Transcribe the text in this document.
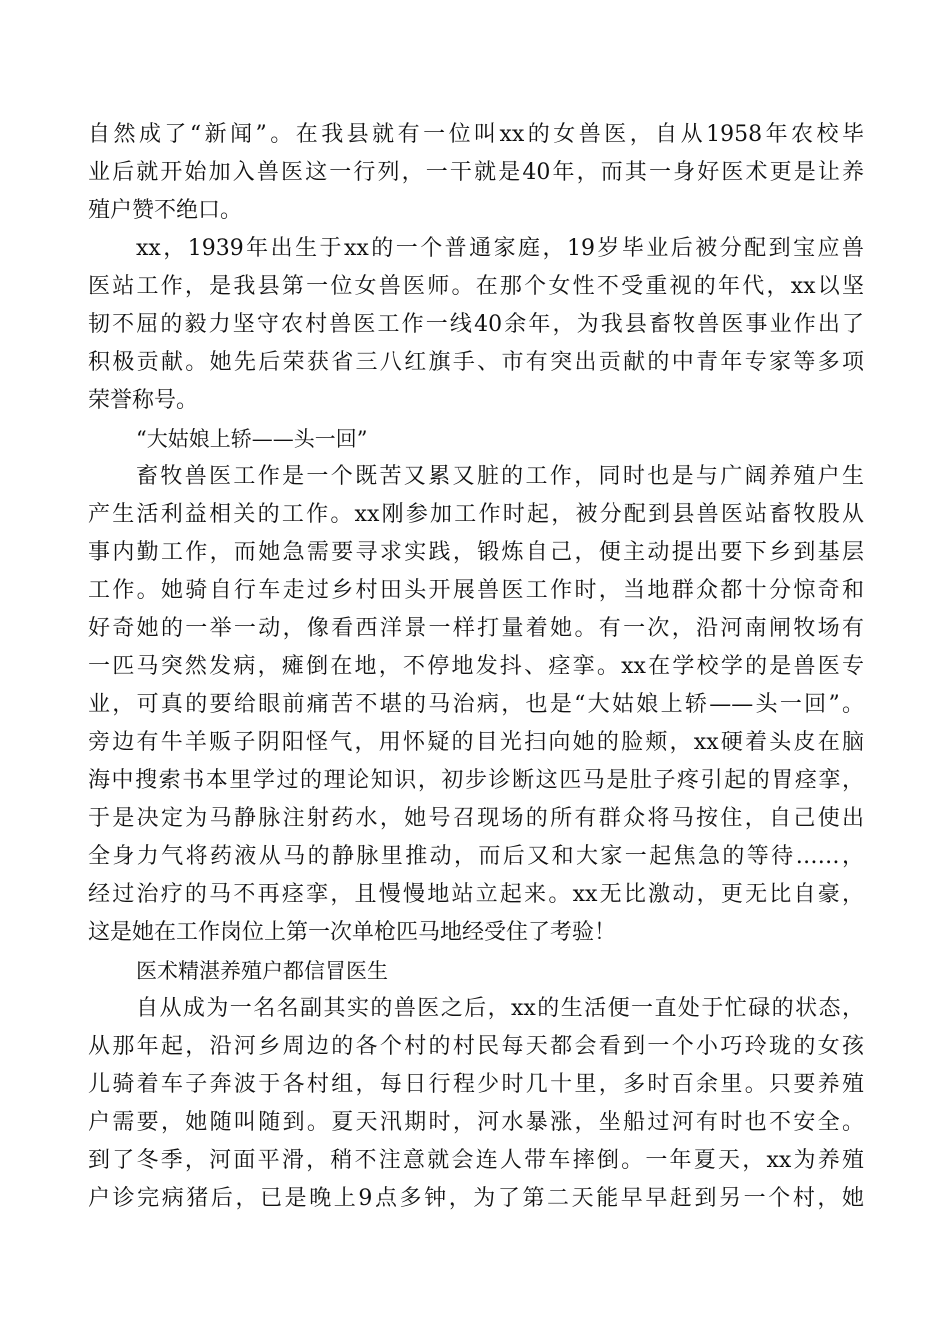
自然成了“新闻”。在我县就有一位叫xx的女兽医，自从1958年农校毕
业后就开始加入兽医这一行列，一干就是40年，而其一身好医术更是让养
殖户赞不绝口。
xx，1939年出生于xx的一个普通家庭，19岁毕业后被分配到宝应兽
医站工作，是我县第一位女兽医师。在那个女性不受重视的年代，xx以坚
韧不屈的毅力坚守农村兽医工作一线40余年，为我县畜牧兽医事业作出了
积极贡献。她先后荣获省三八红旗手、市有突出贡献的中青年专家等多项
荣誉称号。
“大姑娘上轿——头一回”
畜牧兽医工作是一个既苦又累又脏的工作，同时也是与广阔养殖户生
产生活利益相关的工作。xx刚参加工作时起，被分配到县兽医站畜牧股从
事内勤工作，而她急需要寻求实践，锻炼自己，便主动提出要下乡到基层
工作。她骑自行车走过乡村田头开展兽医工作时，当地群众都十分惊奇和
好奇她的一举一动，像看西洋景一样打量着她。有一次，沿河南闸牧场有
一匹马突然发病，瘫倒在地，不停地发抖、痉挛。xx在学校学的是兽医专
业，可真的要给眼前痛苦不堪的马治病，也是“大姑娘上轿——头一回”。
旁边有牛羊贩子阴阳怪气，用怀疑的目光扫向她的脸颊，xx硬着头皮在脑
海中搜索书本里学过的理论知识，初步诊断这匹马是肚子疼引起的胃痉挛，
于是决定为马静脉注射药水，她号召现场的所有群众将马按住，自己使出
全身力气将药液从马的静脉里推动，而后又和大家一起焦急的等待……，
经过治疗的马不再痉挛，且慢慢地站立起来。xx无比激动，更无比自豪，
这是她在工作岗位上第一次单枪匹马地经受住了考验！
医术精湛养殖户都信冒医生
自从成为一名名副其实的兽医之后，xx的生活便一直处于忙碌的状态，
从那年起，沿河乡周边的各个村的村民每天都会看到一个小巧玲珑的女孩
儿骑着车子奔波于各村组，每日行程少时几十里，多时百余里。只要养殖
户需要，她随叫随到。夏天汛期时，河水暴涨，坐船过河有时也不安全。
到了冬季，河面平滑，稍不注意就会连人带车摔倒。一年夏天，xx为养殖
户诊完病猪后，已是晚上9点多钟，为了第二天能早早赶到另一个村，她
